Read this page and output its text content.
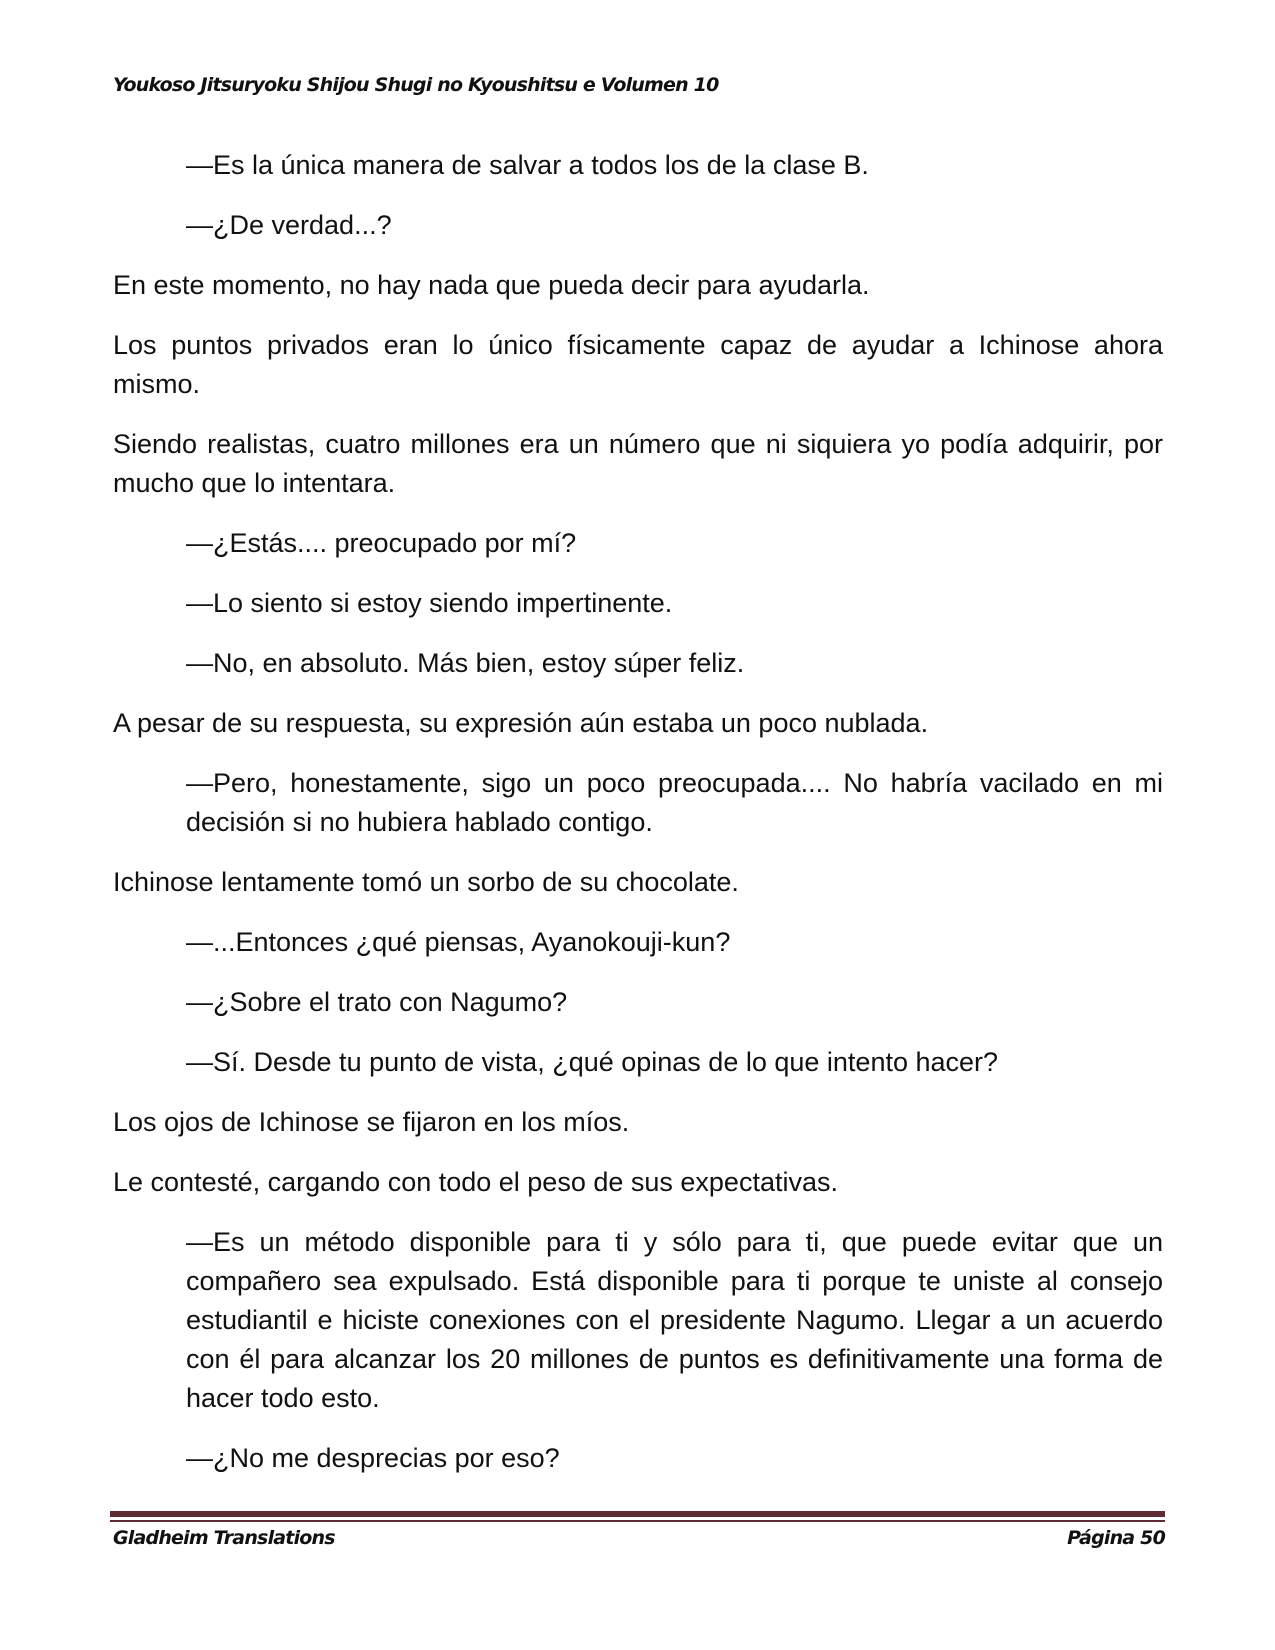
Youkoso Jitsuryoku Shijou Shugi no Kyoushitsu e Volumen 10

—Es la única manera de salvar a todos los de la clase B.

—¿De verdad...?

En este momento, no hay nada que pueda decir para ayudarla.

Los puntos privados eran lo único físicamente capaz de ayudar a Ichinose ahora mismo.

Siendo realistas, cuatro millones era un número que ni siquiera yo podía adquirir, por mucho que lo intentara.

—¿Estás.... preocupado por mí?

—Lo siento si estoy siendo impertinente.

—No, en absoluto. Más bien, estoy súper feliz.

A pesar de su respuesta, su expresión aún estaba un poco nublada.

—Pero, honestamente, sigo un poco preocupada.... No habría vacilado en mi decisión si no hubiera hablado contigo.

Ichinose lentamente tomó un sorbo de su chocolate.

—...Entonces ¿qué piensas, Ayanokouji-kun?

—¿Sobre el trato con Nagumo?

—Sí. Desde tu punto de vista, ¿qué opinas de lo que intento hacer?

Los ojos de Ichinose se fijaron en los míos.

Le contesté, cargando con todo el peso de sus expectativas.

—Es un método disponible para ti y sólo para ti, que puede evitar que un compañero sea expulsado. Está disponible para ti porque te uniste al consejo estudiantil e hiciste conexiones con el presidente Nagumo. Llegar a un acuerdo con él para alcanzar los 20 millones de puntos es definitivamente una forma de hacer todo esto.

—¿No me desprecias por eso?

Gladheim Translations	Página 50
